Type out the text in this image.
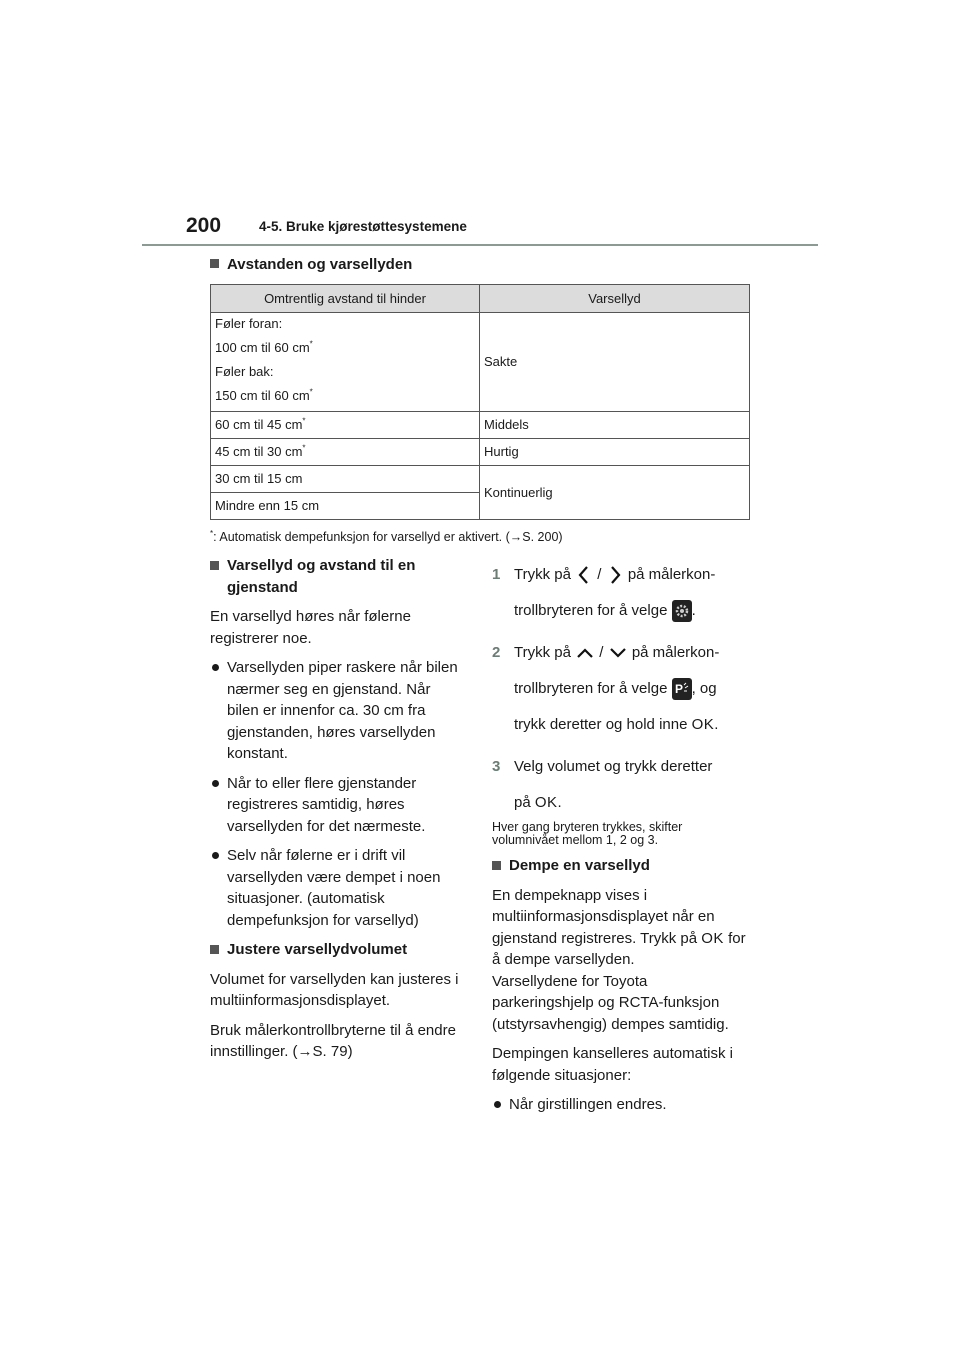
200	4-5. Bruke kjørestøttesystemene
Avstanden og varsellyden
Omtrentlig avstand til hinder	Varsellyd

Føler foran:

100 cm til 60 cm*

Føler bak:

150 cm til 60 cm*	Sakte
60 cm til 45 cm*	Middels
45 cm til 30 cm*	Hurtig
30 cm til 15 cm	Kontinuerlig
Mindre enn 15 cm	
*: Automatisk dempefunksjon for varsellyd er aktivert. (→S. 200)
Varsellyd og avstand til en gjenstand

En varsellyd høres når følerne registrerer noe.

Varsellyden piper raskere når bilen nærmer seg en gjenstand. Når bilen er innenfor ca. 30 cm fra gjenstanden, høres varsellyden konstant.
Når to eller flere gjenstander registreres samtidig, høres varsellyden for det nærmeste.
Selv når følerne er i drift vil varsellyden være dempet i noen situasjoner. (automatisk dempefunksjon for varsellyd)
Justere varsellydvolumet

Volumet for varsellyden kan justeres i multiinformasjonsdisplayet.

Bruk målerkontrollbryterne til å endre innstillinger. (→S. 79)

1 Trykk på / på målerkon-
trollbryteren for å velge .
2 Trykk på / på målerkon-
trollbryteren for å velge P , og
trykk deretter og hold inne OK.
3 Velg volumet og trykk deretter
på OK.

Hver gang bryteren trykkes, skifter volumnivået mellom 1, 2 og 3.

Dempe en varsellyd

En dempeknapp vises i multiinformasjonsdisplayet når en gjenstand registreres. Trykk på OK for å dempe varsellyden.

Varsellydene for Toyota parkeringshjelp og RCTA-funksjon (utstyrsavhengig) dempes samtidig.

Dempingen kanselleres automatisk i følgende situasjoner:

Når girstillingen endres.
